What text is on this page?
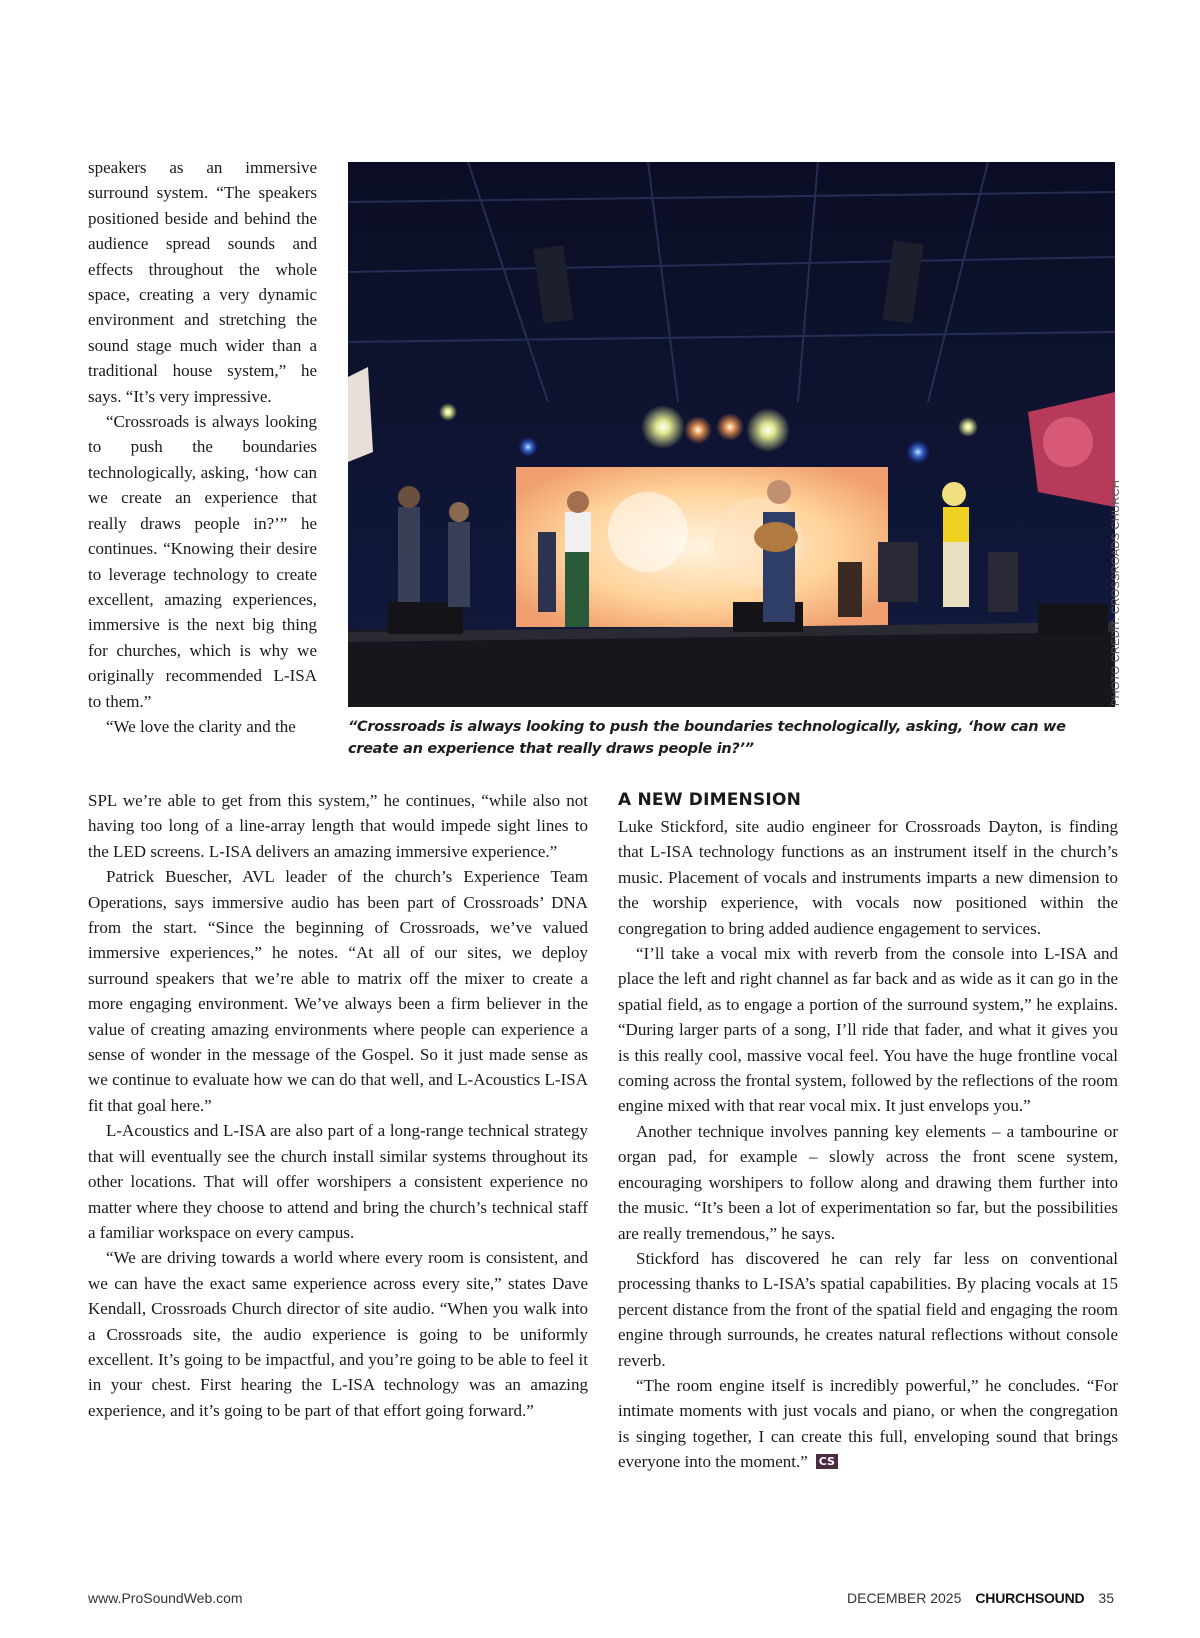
speakers as an immersive surround system. “The speakers positioned beside and behind the audience spread sounds and effects throughout the whole space, creating a very dynamic environment and stretching the sound stage much wider than a traditional house system,” he says. “It’s very impressive.

“Crossroads is always looking to push the boundaries technologically, asking, ‘how can we create an experience that really draws people in?’” he continues. “Knowing their desire to leverage technology to create excellent, amazing experiences, immersive is the next big thing for churches, which is why we originally recommended L-ISA to them.”

“We love the clarity and the

PHOTO CREDIT: CROSSROADS CHURCH
“Crossroads is always looking to push the boundaries technologically, asking, ‘how can we create an experience that really draws people in?’”

SPL we’re able to get from this system,” he continues, “while also not having too long of a line-array length that would impede sight lines to the LED screens. L-ISA delivers an amazing immersive experience.”

Patrick Buescher, AVL leader of the church’s Experience Team Operations, says immersive audio has been part of Crossroads’ DNA from the start. “Since the beginning of Crossroads, we’ve valued immersive experiences,” he notes. “At all of our sites, we deploy surround speakers that we’re able to matrix off the mixer to create a more engaging environment. We’ve always been a firm believer in the value of creating amazing environments where people can experience a sense of wonder in the message of the Gospel. So it just made sense as we continue to evaluate how we can do that well, and L-Acoustics L-ISA fit that goal here.”

L-Acoustics and L-ISA are also part of a long-range technical strategy that will eventually see the church install similar systems throughout its other locations. That will offer worshipers a consistent experience no matter where they choose to attend and bring the church’s technical staff a familiar workspace on every campus.

“We are driving towards a world where every room is consistent, and we can have the exact same experience across every site,” states Dave Kendall, Crossroads Church director of site audio. “When you walk into a Crossroads site, the audio experience is going to be uniformly excellent. It’s going to be impactful, and you’re going to be able to feel it in your chest. First hearing the L-ISA technology was an amazing experience, and it’s going to be part of that effort going forward.”

A NEW DIMENSION

Luke Stickford, site audio engineer for Crossroads Dayton, is finding that L-ISA technology functions as an instrument itself in the church’s music. Placement of vocals and instruments imparts a new dimension to the worship experience, with vocals now positioned within the congregation to bring added audience engagement to services.

“I’ll take a vocal mix with reverb from the console into L-ISA and place the left and right channel as far back and as wide as it can go in the spatial field, as to engage a portion of the surround system,” he explains. “During larger parts of a song, I’ll ride that fader, and what it gives you is this really cool, massive vocal feel. You have the huge frontline vocal coming across the frontal system, followed by the reflections of the room engine mixed with that rear vocal mix. It just envelops you.”

Another technique involves panning key elements – a tambourine or organ pad, for example – slowly across the front scene system, encouraging worshipers to follow along and drawing them further into the music. “It’s been a lot of experimentation so far, but the possibilities are really tremendous,” he says.

Stickford has discovered he can rely far less on conventional processing thanks to L-ISA’s spatial capabilities. By placing vocals at 15 percent distance from the front of the spatial field and engaging the room engine through surrounds, he creates natural reflections without console reverb.

“The room engine itself is incredibly powerful,” he concludes. “For intimate moments with just vocals and piano, or when the congregation is singing together, I can create this full, enveloping sound that brings everyone into the moment.” CS

www.ProSoundWeb.com	DECEMBER 2025 CHURCHSOUND 35
